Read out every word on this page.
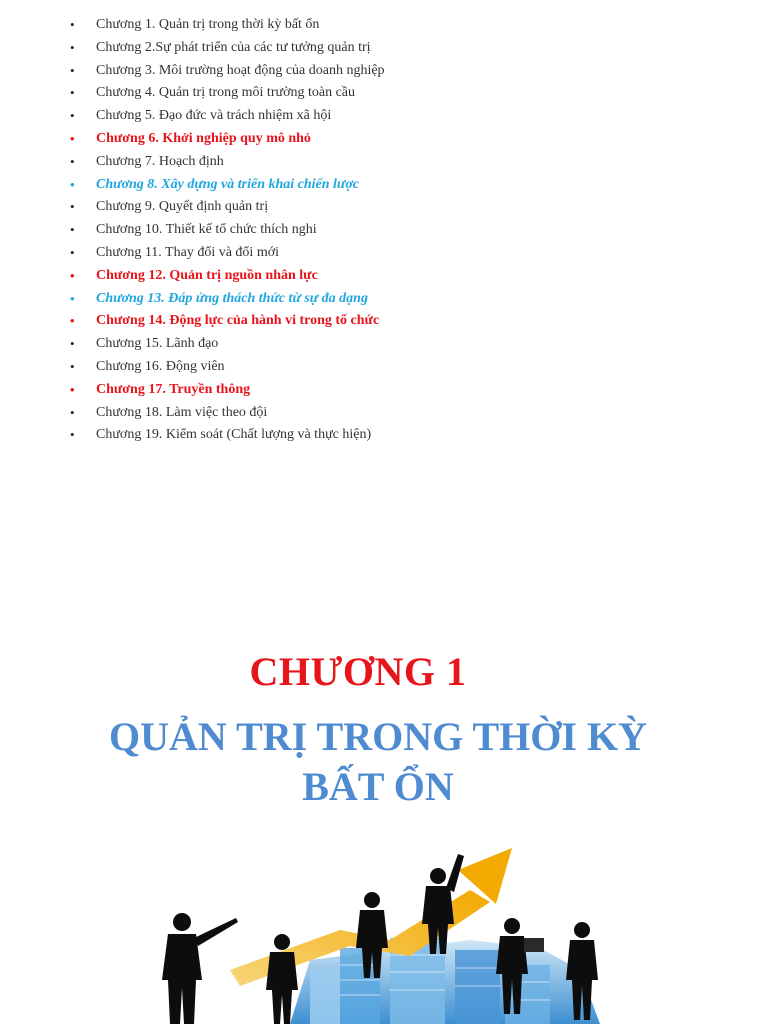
• Chương 1. Quản trị trong thời kỳ bất ổn
• Chương 2.Sự phát triển của các tư tưởng quản trị
• Chương 3. Môi trường hoạt động của doanh nghiệp
• Chương 4. Quản trị trong môi trường toàn cầu
• Chương 5. Đạo đức và trách nhiệm xã hội
• Chương 6. Khởi nghiệp quy mô nhỏ
• Chương 7. Hoạch định
• Chương 8. Xây dựng và triển khai chiến lược
• Chương 9. Quyết định quản trị
• Chương 10. Thiết kế tổ chức thích nghi
• Chương 11. Thay đổi và đổi mới
• Chương 12. Quản trị nguồn nhân lực
• Chương 13. Đáp ứng thách thức từ sự đa dạng
• Chương 14. Động lực của hành vi trong tổ chức
• Chương 15. Lãnh đạo
• Chương 16. Động viên
• Chương 17. Truyền thông
• Chương 18. Làm việc theo đội
• Chương 19. Kiểm soát (Chất lượng và thực hiện)
CHƯƠNG 1
QUẢN TRỊ TRONG THỜI KỲ
BẤT ỔN
